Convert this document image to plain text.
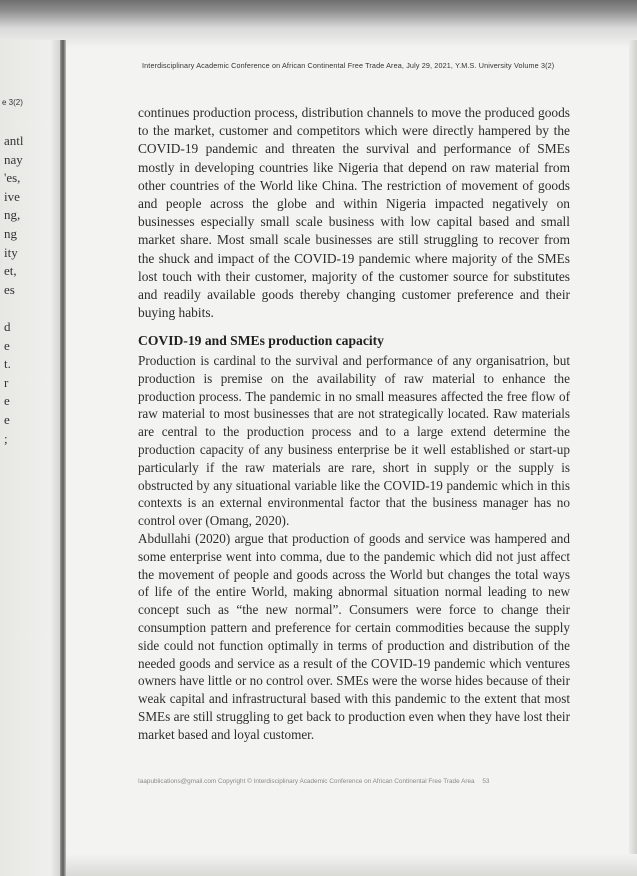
e 3(2)
antl
nay
'es,
ive
ng,
ng
ity
et,
es
d
e
t.
r
e
e
;
Interdisciplinary Academic Conference on African Continental Free Trade Area, July 29, 2021, Y.M.S. University Volume 3(2)

continues production process, distribution channels to move the produced goods to the market, customer and competitors which were directly hampered by the COVID-19 pandemic and threaten the survival and performance of SMEs mostly in developing countries like Nigeria that depend on raw material from other countries of the World like China. The restriction of movement of goods and people across the globe and within Nigeria impacted negatively on businesses especially small scale business with low capital based and small market share. Most small scale businesses are still struggling to recover from the shuck and impact of the COVID-19 pandemic where majority of the SMEs lost touch with their customer, majority of the customer source for substitutes and readily available goods thereby changing customer preference and their buying habits.

COVID-19 and SMEs production capacity

Production is cardinal to the survival and performance of any organisatrion, but production is premise on the availability of raw material to enhance the production process. The pandemic in no small measures affected the free flow of raw material to most businesses that are not strategically located. Raw materials are central to the production process and to a large extend determine the production capacity of any business enterprise be it well established or start-up particularly if the raw materials are rare, short in supply or the supply is obstructed by any situational variable like the COVID-19 pandemic which in this contexts is an external environmental factor that the business manager has no control over (Omang, 2020).

Abdullahi (2020) argue that production of goods and service was hampered and some enterprise went into comma, due to the pandemic which did not just affect the movement of people and goods across the World but changes the total ways of life of the entire World, making abnormal situation normal leading to new concept such as “the new normal”. Consumers were force to change their consumption pattern and preference for certain commodities because the supply side could not function optimally in terms of production and distribution of the needed goods and service as a result of the COVID-19 pandemic which ventures owners have little or no control over. SMEs were the worse hides because of their weak capital and infrastructural based with this pandemic to the extent that most SMEs are still struggling to get back to production even when they have lost their market based and loyal customer.

Iaapublications@gmail.com Copyright © Interdisciplinary Academic Conference on African Continental Free Trade Area 53
